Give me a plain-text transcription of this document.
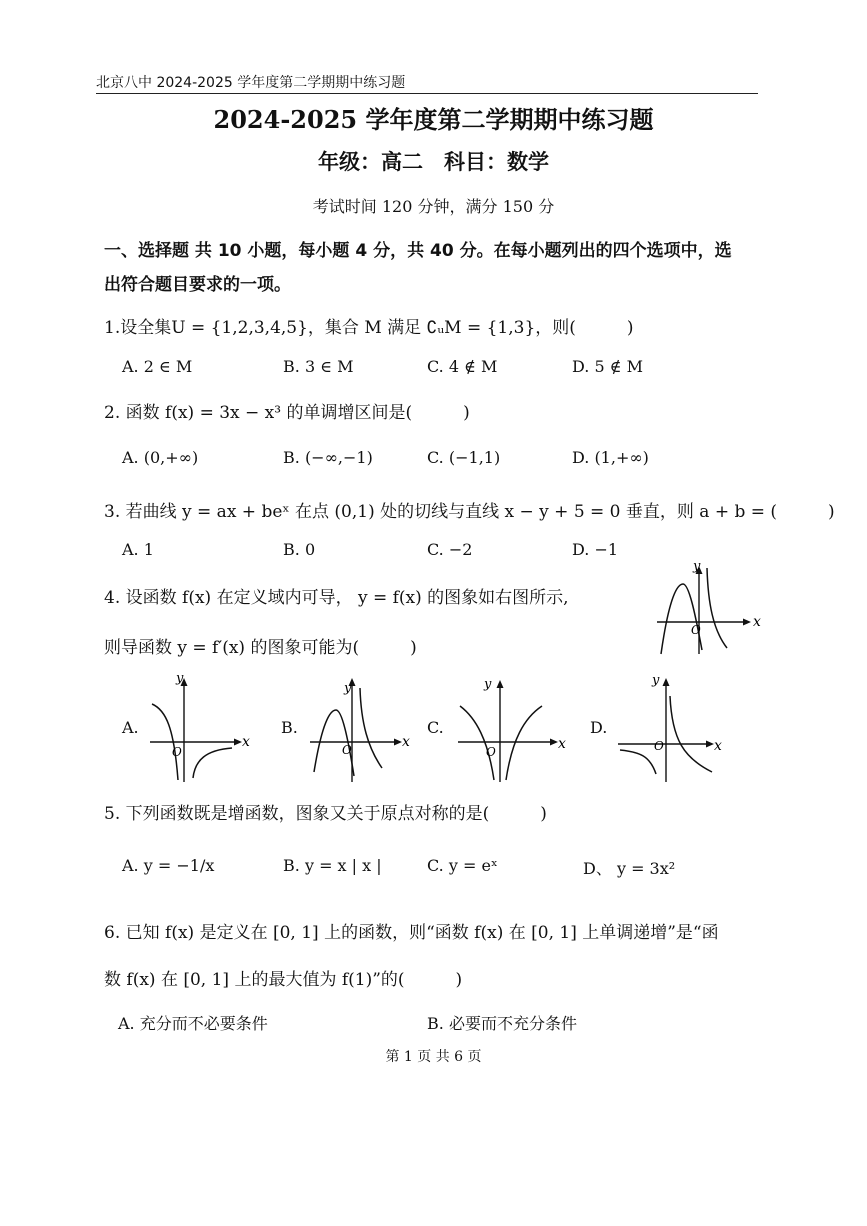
北京八中 2024-2025 学年度第二学期期中练习题
2024-2025 学年度第二学期期中练习题
年级：高二　科目：数学
考试时间 120 分钟，满分 150 分
一、选择题 共 10 小题，每小题 4 分，共 40 分。在每小题列出的四个选项中，选
出符合题目要求的一项。
1.设全集U = {1,2,3,4,5}，集合 M 满足 ∁ᵤM = {1,3}，则(　　　)
A. 2 ∈ M	B. 3 ∈ M	C. 4 ∉ M	D. 5 ∉ M
2. 函数 f(x) = 3x − x³ 的单调增区间是(　　　)
A. (0,+∞)	B. (−∞,−1)	C. (−1,1)	D. (1,+∞)
3. 若曲线 y = ax + beˣ 在点 (0,1) 处的切线与直线 x − y + 5 = 0 垂直，则 a + b = (　　　)
A. 1	B. 0	C. −2	D. −1
4. 设函数 f(x) 在定义域内可导， y = f(x) 的图象如右图所示,
则导函数 y = f′(x) 的图象可能为(　　　)
x
y
O
A.	B.	C.	D.
x
y
O
x
y
O	x
y
O	x
y
O
5. 下列函数既是增函数，图象又关于原点对称的是(　　　)
A. y = −1/x	B. y = x | x |	C. y = eˣ	D、 y = 3x²
6. 已知 f(x) 是定义在 [0, 1] 上的函数，则“函数 f(x) 在 [0, 1] 上单调递增”是“函
数 f(x) 在 [0, 1] 上的最大值为 f(1)”的(　　　)
A. 充分而不必要条件	B. 必要而不充分条件
第 1 页 共 6 页
